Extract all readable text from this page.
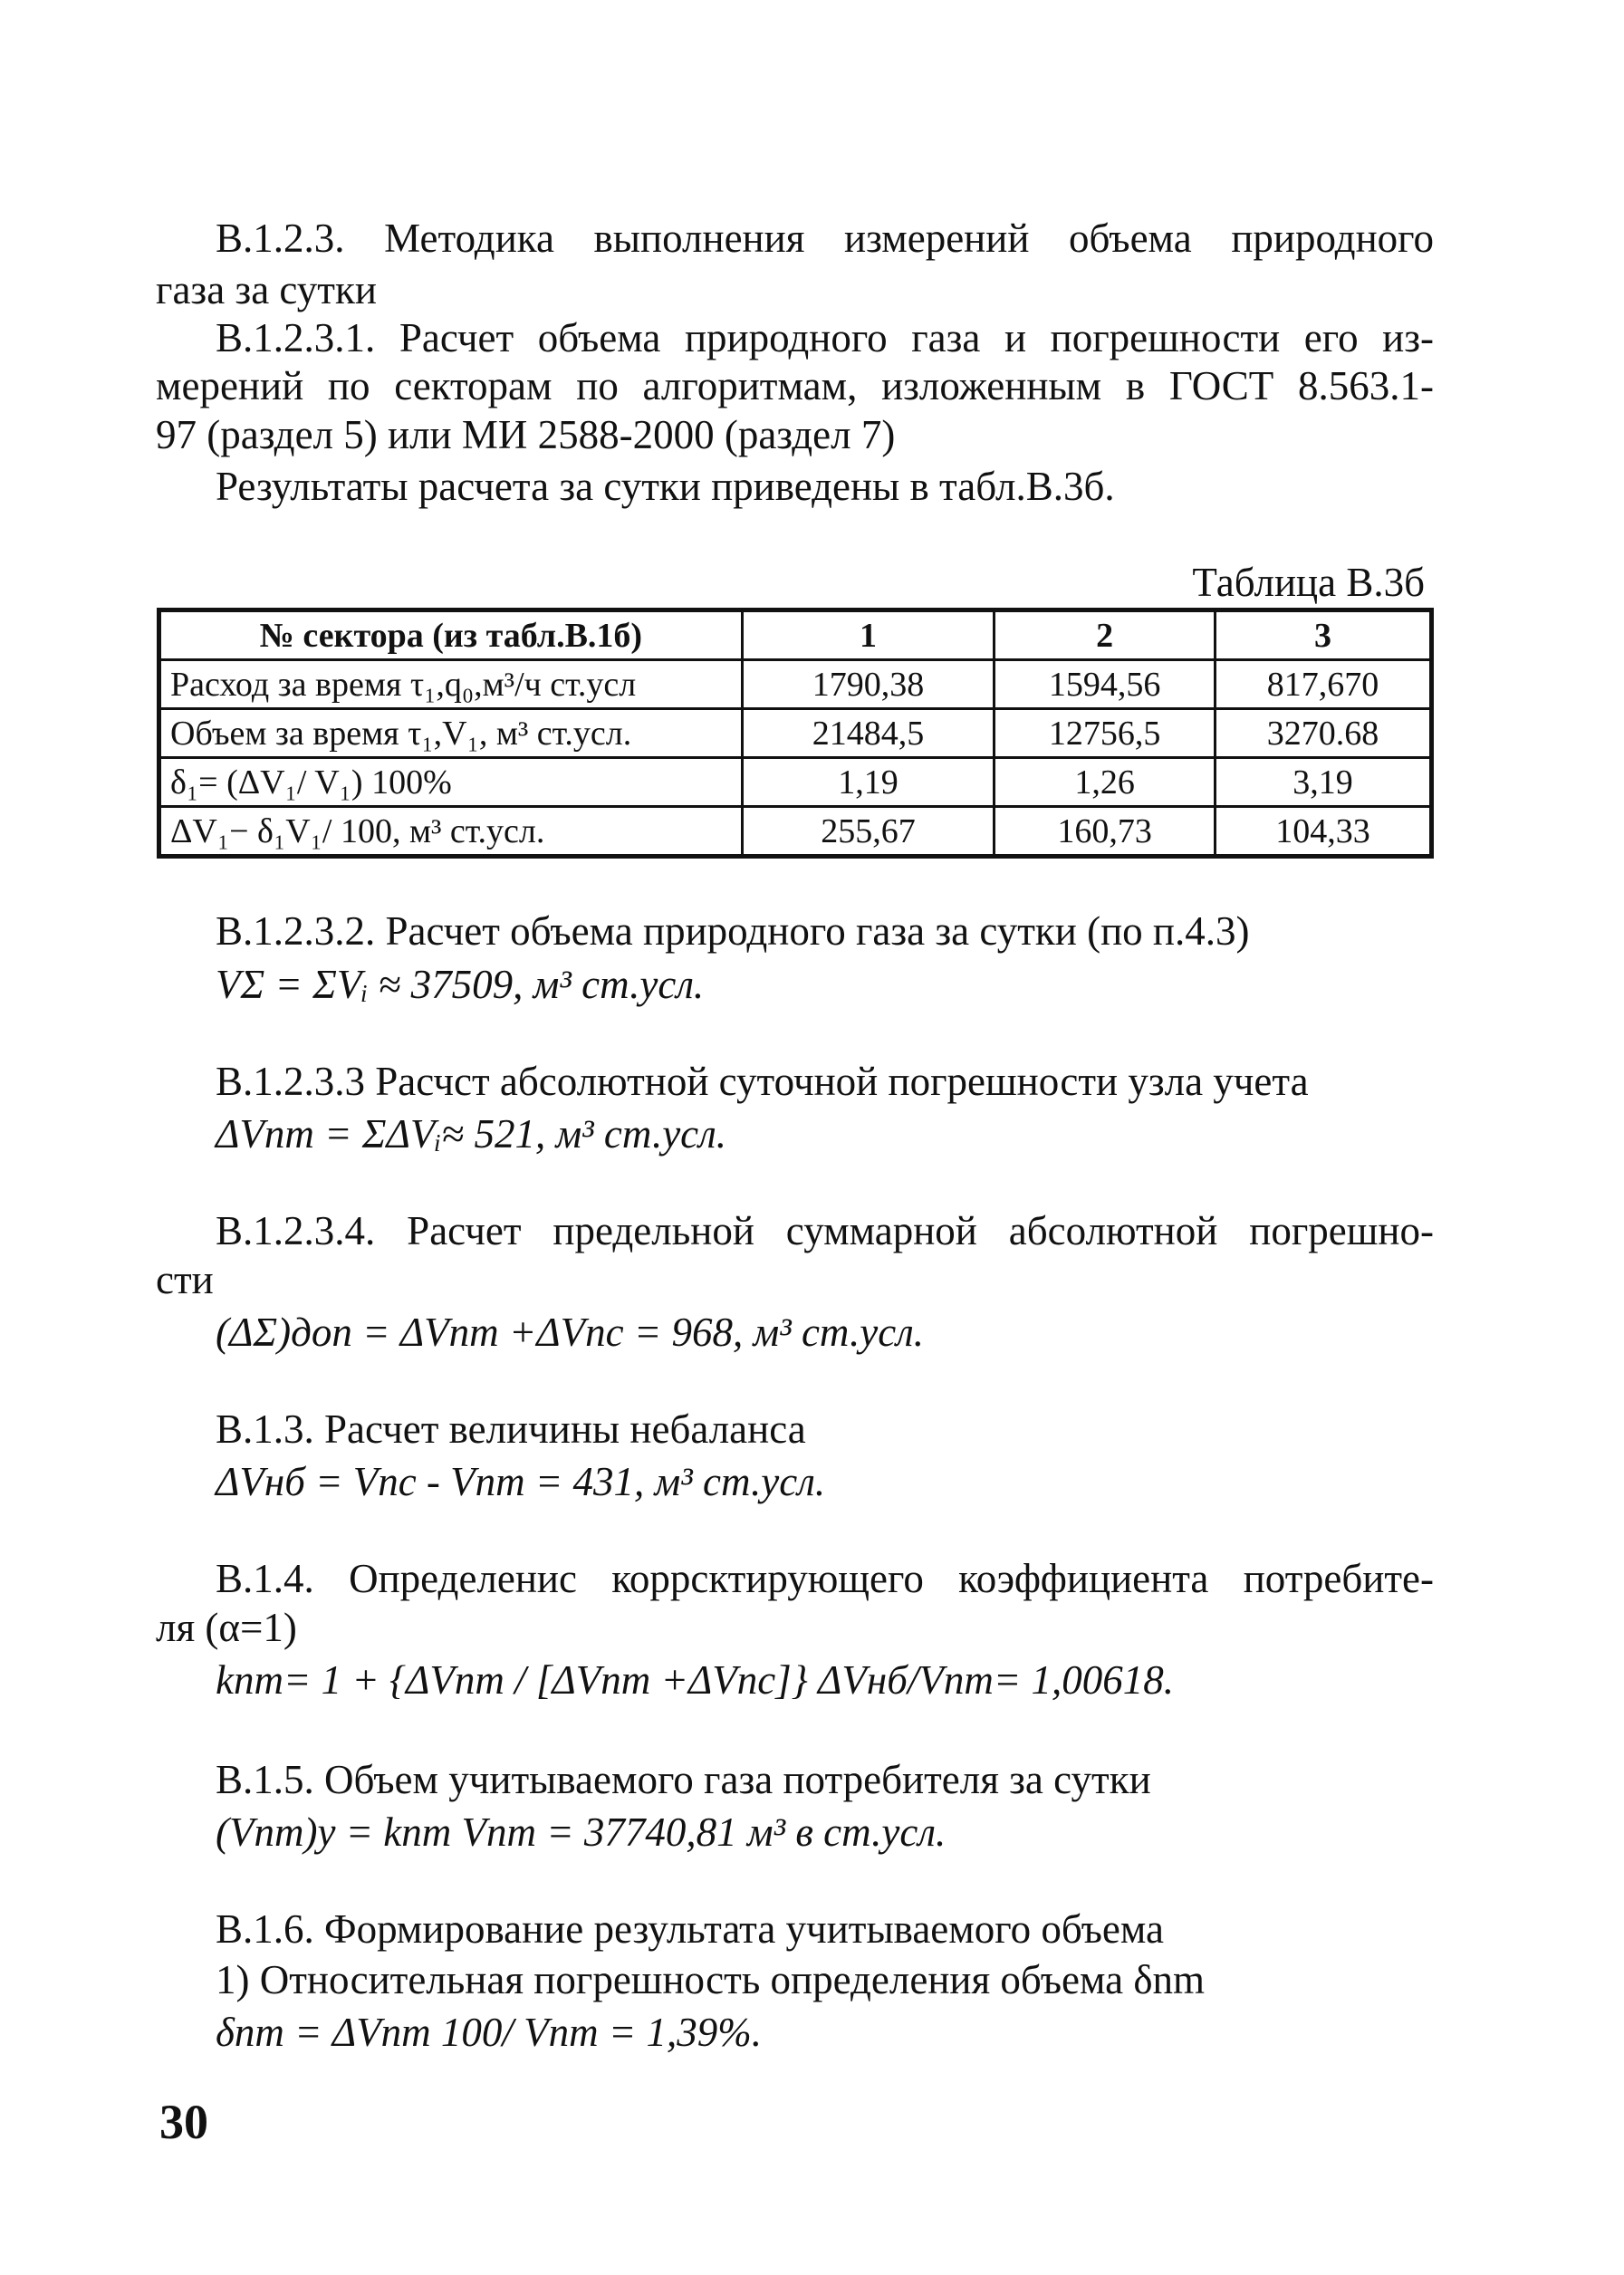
В.1.2.3. Методика выполнения измерений объема природного
газа за сутки
В.1.2.3.1. Расчет объема природного газа и погрешности его из-
мерений по секторам по алгоритмам, изложенным в ГОСТ 8.563.1-
97 (раздел 5) или МИ 2588-2000 (раздел 7)
Результаты расчета за сутки приведены в табл.В.3б.
Таблица В.3б
№ сектора (из табл.В.1б)	1	2	3
Расход за время τ₁,q₀,м³/ч ст.усл	1790,38	1594,56	817,670
Объем за время τ₁,V₁, м³ ст.усл.	21484,5	12756,5	3270.68
δ₁= (ΔV₁/ V₁) 100%	1,19	1,26	3,19
ΔV₁− δ₁V₁/ 100, м³ ст.усл.	255,67	160,73	104,33
В.1.2.3.2. Расчет объема природного газа за сутки (по п.4.3)
VΣ = ΣVᵢ ≈ 37509, м³ ст.усл.
В.1.2.3.3 Расчст абсолютной суточной погрешности узла учета
ΔVnm = ΣΔVᵢ≈ 521, м³ ст.усл.
В.1.2.3.4. Расчет предельной суммарной абсолютной погрешно-
сти
(ΔΣ)доп = ΔVnm +ΔVnc = 968, м³ ст.усл.
В.1.3. Расчет величины небаланса
ΔVнб = Vnc - Vnm = 431, м³ ст.усл.
В.1.4. Определенис коррсктирующего коэффициента потребите-
ля (α=1)
knm= 1 + {ΔVnm / [ΔVnm +ΔVnc]} ΔVнб/Vnm= 1,00618.
В.1.5. Объем учитываемого газа потребителя за сутки
(Vnm)y = knm Vnm = 37740,81 м³ в ст.усл.
В.1.6. Формирование результата учитываемого объема
1) Относительная погрешность определения объема δnm
δnm = ΔVnm 100/ Vnm = 1,39%.
30
